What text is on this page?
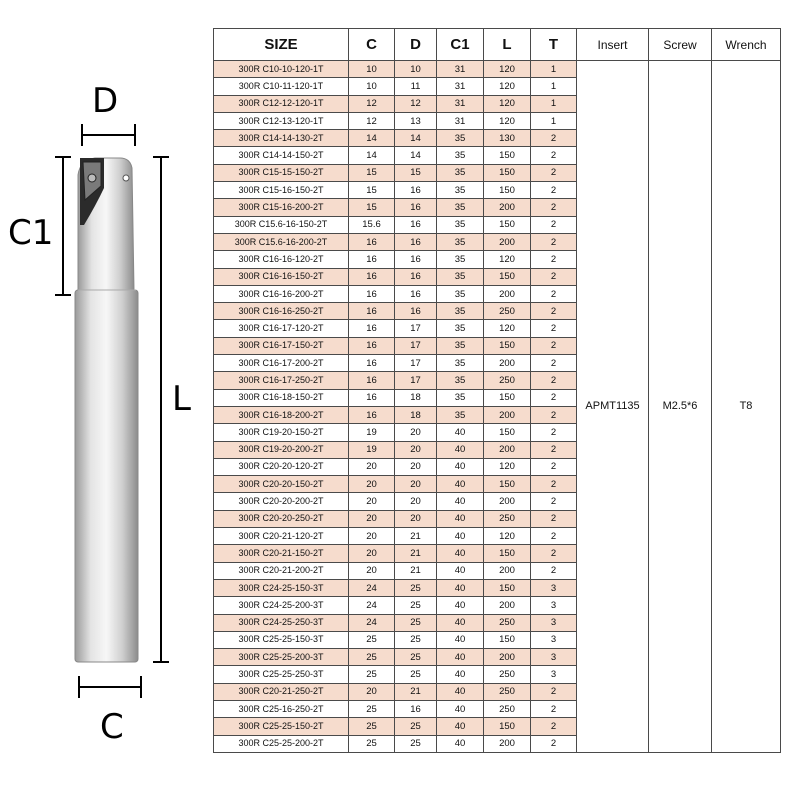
D
C1
L
C
SIZE	C	D	C1	L	T	Insert	Screw	Wrench
300R C10-10-120-1T	10	10	31	120	1	APMT1135	M2.5*6	T8
300R C10-11-120-1T	10	11	31	120	1			
300R C12-12-120-1T	12	12	31	120	1			
300R C12-13-120-1T	12	13	31	120	1			
300R C14-14-130-2T	14	14	35	130	2			
300R C14-14-150-2T	14	14	35	150	2			
300R C15-15-150-2T	15	15	35	150	2			
300R C15-16-150-2T	15	16	35	150	2			
300R C15-16-200-2T	15	16	35	200	2			
300R C15.6-16-150-2T	15.6	16	35	150	2			
300R C15.6-16-200-2T	16	16	35	200	2			
300R C16-16-120-2T	16	16	35	120	2			
300R C16-16-150-2T	16	16	35	150	2			
300R C16-16-200-2T	16	16	35	200	2			
300R C16-16-250-2T	16	16	35	250	2			
300R C16-17-120-2T	16	17	35	120	2			
300R C16-17-150-2T	16	17	35	150	2			
300R C16-17-200-2T	16	17	35	200	2			
300R C16-17-250-2T	16	17	35	250	2			
300R C16-18-150-2T	16	18	35	150	2			
300R C16-18-200-2T	16	18	35	200	2			
300R C19-20-150-2T	19	20	40	150	2			
300R C19-20-200-2T	19	20	40	200	2			
300R C20-20-120-2T	20	20	40	120	2			
300R C20-20-150-2T	20	20	40	150	2			
300R C20-20-200-2T	20	20	40	200	2			
300R C20-20-250-2T	20	20	40	250	2			
300R C20-21-120-2T	20	21	40	120	2			
300R C20-21-150-2T	20	21	40	150	2			
300R C20-21-200-2T	20	21	40	200	2			
300R C24-25-150-3T	24	25	40	150	3			
300R C24-25-200-3T	24	25	40	200	3			
300R C24-25-250-3T	24	25	40	250	3			
300R C25-25-150-3T	25	25	40	150	3			
300R C25-25-200-3T	25	25	40	200	3			
300R C25-25-250-3T	25	25	40	250	3			
300R C20-21-250-2T	20	21	40	250	2			
300R C25-16-250-2T	25	16	40	250	2			
300R C25-25-150-2T	25	25	40	150	2			
300R C25-25-200-2T	25	25	40	200	2			
